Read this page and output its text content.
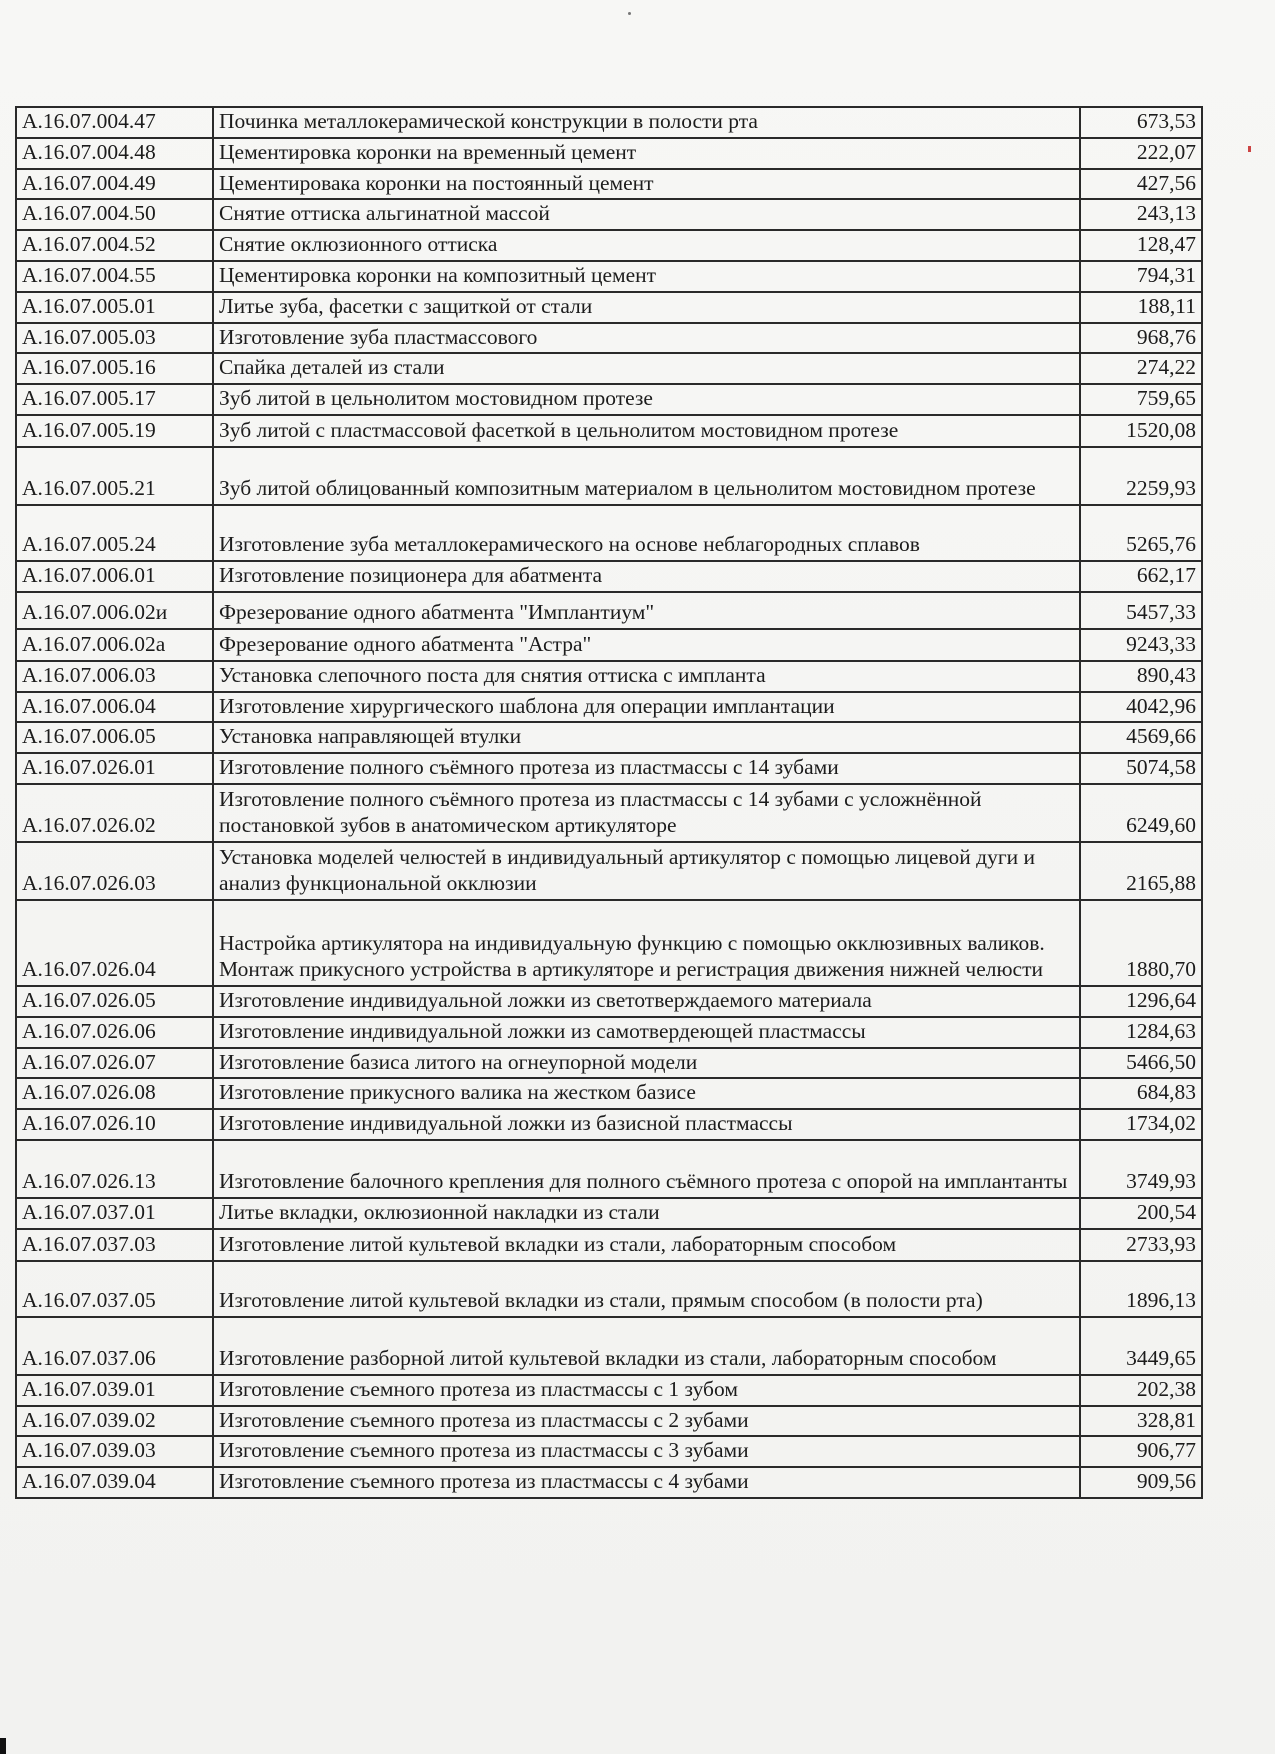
A.16.07.004.47	Починка металлокерамической конструкции в полости рта	673,53
A.16.07.004.48	Цементировка коронки на временный цемент	222,07
A.16.07.004.49	Цементировака коронки на постоянный цемент	427,56
A.16.07.004.50	Снятие оттиска альгинатной массой	243,13
A.16.07.004.52	Снятие оклюзионного оттиска	128,47
A.16.07.004.55	Цементировка коронки на композитный цемент	794,31
A.16.07.005.01	Литье зуба, фасетки с защиткой от стали	188,11
A.16.07.005.03	Изготовление зуба пластмассового	968,76
A.16.07.005.16	Спайка деталей из стали	274,22
A.16.07.005.17	Зуб литой в цельнолитом мостовидном протезе	759,65
A.16.07.005.19	Зуб литой с пластмассовой фасеткой в цельнолитом мостовидном протезе	1520,08
A.16.07.005.21	Зуб литой облицованный композитным материалом в цельнолитом мостовидном протезе	2259,93
A.16.07.005.24	Изготовление зуба металлокерамического на основе неблагородных сплавов	5265,76
A.16.07.006.01	Изготовление позиционера для абатмента	662,17
A.16.07.006.02и	Фрезерование одного абатмента "Имплантиум"	5457,33
A.16.07.006.02a	Фрезерование одного абатмента "Астра"	9243,33
A.16.07.006.03	Установка слепочного поста для снятия оттиска с импланта	890,43
A.16.07.006.04	Изготовление хирургического шаблона для операции имплантации	4042,96
A.16.07.006.05	Установка направляющей втулки	4569,66
A.16.07.026.01	Изготовление полного съёмного протеза из пластмассы с 14 зубами	5074,58
A.16.07.026.02	Изготовление полного съёмного протеза из пластмассы с 14 зубами с усложнённой постановкой зубов в анатомическом артикуляторе	6249,60
A.16.07.026.03	Установка моделей челюстей в индивидуальный артикулятор с помощью лицевой дуги и анализ функциональной окклюзии	2165,88
A.16.07.026.04	Настройка артикулятора на индивидуальную функцию с помощью окклюзивных валиков. Монтаж прикусного устройства в артикуляторе и регистрация движения нижней челюсти	1880,70
A.16.07.026.05	Изготовление индивидуальной ложки из светотверждаемого материала	1296,64
A.16.07.026.06	Изготовление индивидуальной ложки из самотвердеющей пластмассы	1284,63
A.16.07.026.07	Изготовление базиса литого на огнеупорной модели	5466,50
A.16.07.026.08	Изготовление прикусного валика на жестком базисе	684,83
A.16.07.026.10	Изготовление индивидуальной ложки из базисной пластмассы	1734,02
A.16.07.026.13	Изготовление балочного крепления для полного съёмного протеза с опорой на имплантанты	3749,93
A.16.07.037.01	Литье вкладки, оклюзионной накладки из стали	200,54
A.16.07.037.03	Изготовление литой культевой вкладки из стали, лабораторным способом	2733,93
A.16.07.037.05	Изготовление литой культевой вкладки из стали, прямым способом (в полости рта)	1896,13
A.16.07.037.06	Изготовление разборной литой культевой вкладки из стали, лабораторным способом	3449,65
A.16.07.039.01	Изготовление съемного протеза из пластмассы с 1 зубом	202,38
A.16.07.039.02	Изготовление съемного протеза из пластмассы с 2 зубами	328,81
A.16.07.039.03	Изготовление съемного протеза из пластмассы с 3 зубами	906,77
A.16.07.039.04	Изготовление съемного протеза из пластмассы с 4 зубами	909,56
